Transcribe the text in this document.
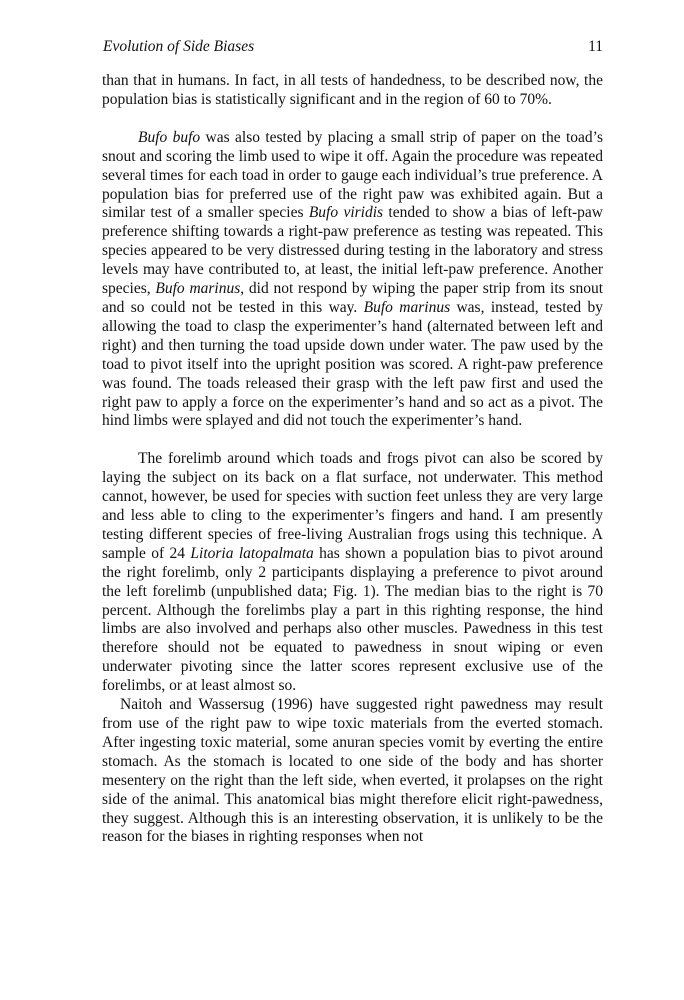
Evolution of Side Biases	11

than that in humans. In fact, in all tests of handedness, to be described now, the population bias is statistically significant and in the region of 60 to 70%.

Bufo bufo was also tested by placing a small strip of paper on the toad’s snout and scoring the limb used to wipe it off. Again the procedure was repeated several times for each toad in order to gauge each individual’s true preference. A population bias for preferred use of the right paw was exhibited again. But a similar test of a smaller species Bufo viridis tended to show a bias of left-paw preference shifting towards a right-paw preference as testing was repeated. This species appeared to be very distressed during testing in the laboratory and stress levels may have contributed to, at least, the initial left-paw preference. Another species, Bufo marinus, did not respond by wiping the paper strip from its snout and so could not be tested in this way. Bufo marinus was, instead, tested by allowing the toad to clasp the experimenter’s hand (alternated between left and right) and then turning the toad upside down under water. The paw used by the toad to pivot itself into the upright position was scored. A right-paw preference was found. The toads released their grasp with the left paw first and used the right paw to apply a force on the experimenter’s hand and so act as a pivot. The hind limbs were splayed and did not touch the experimenter’s hand.

The forelimb around which toads and frogs pivot can also be scored by laying the subject on its back on a flat surface, not underwater. This method cannot, however, be used for species with suction feet unless they are very large and less able to cling to the experimenter’s fingers and hand. I am presently testing different species of free-living Australian frogs using this technique. A sample of 24 Litoria latopalmata has shown a population bias to pivot around the right forelimb, only 2 participants displaying a preference to pivot around the left forelimb (unpublished data; Fig. 1). The median bias to the right is 70 percent. Although the forelimbs play a part in this righting response, the hind limbs are also involved and perhaps also other muscles. Pawedness in this test therefore should not be equated to pawedness in snout wiping or even underwater pivoting since the latter scores represent exclusive use of the forelimbs, or at least almost so.

Naitoh and Wassersug (1996) have suggested right pawedness may result from use of the right paw to wipe toxic materials from the everted stomach. After ingesting toxic material, some anuran species vomit by everting the entire stomach. As the stomach is located to one side of the body and has shorter mesentery on the right than the left side, when everted, it prolapses on the right side of the animal. This anatomical bias might therefore elicit right-pawedness, they suggest. Although this is an interesting observation, it is unlikely to be the reason for the biases in righting responses when not
